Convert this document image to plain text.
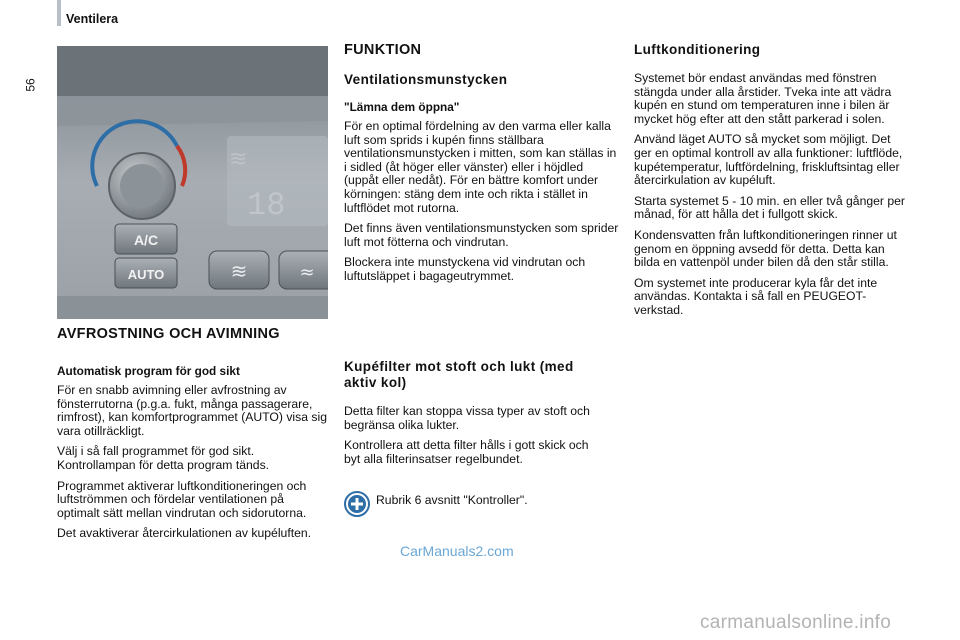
Ventilera
56
A/C
AUTO
18
≋
≋	≈
AVFROSTNING OCH AVIMNING
Automatisk program för god sikt

För en snabb avimning eller avfrostning av fönsterrutorna (p.g.a. fukt, många passagerare, rimfrost), kan komfortprogrammet (AUTO) visa sig vara otillräckligt.

Välj i så fall programmet för god sikt. Kontrollampan för detta program tänds.

Programmet aktiverar luftkonditioneringen och luftströmmen och fördelar ventilationen på optimalt sätt mellan vindrutan och sidorutorna.

Det avaktiverar återcirkulationen av kupéluften.

FUNKTION
Ventilationsmunstycken
"Lämna dem öppna"

För en optimal fördelning av den varma eller kalla luft som sprids i kupén finns ställbara ventilationsmunstycken i mitten, som kan ställas in i sidled (åt höger eller vänster) eller i höjdled (uppåt eller nedåt). För en bättre komfort under körningen: stäng dem inte och rikta i stället in luftflödet mot rutorna.

Det finns även ventilationsmunstycken som sprider luft mot fötterna och vindrutan.

Blockera inte munstyckena vid vindrutan och luftutsläppet i bagageutrymmet.

Kupéfilter mot stoft och lukt (med aktiv kol)

Detta filter kan stoppa vissa typer av stoft och begränsa olika lukter.

Kontrollera att detta filter hålls i gott skick och byt alla filterinsatser regelbundet.

Rubrik 6 avsnitt "Kontroller".
Luftkonditionering

Systemet bör endast användas med fönstren stängda under alla årstider. Tveka inte att vädra kupén en stund om temperaturen inne i bilen är mycket hög efter att den stått parkerad i solen.

Använd läget AUTO så mycket som möjligt. Det ger en optimal kontroll av alla funktioner: luftflöde, kupétemperatur, luftfördelning, friskluftsintag eller återcirkulation av kupéluft.

Starta systemet 5 - 10 min. en eller två gånger per månad, för att hålla det i fullgott skick.

Kondensvatten från luftkonditioneringen rinner ut genom en öppning avsedd för detta. Detta kan bilda en vattenpöl under bilen då den står stilla.

Om systemet inte producerar kyla får det inte användas. Kontakta i så fall en PEUGEOT-verkstad.

CarManuals2.com
carmanualsonline.info
